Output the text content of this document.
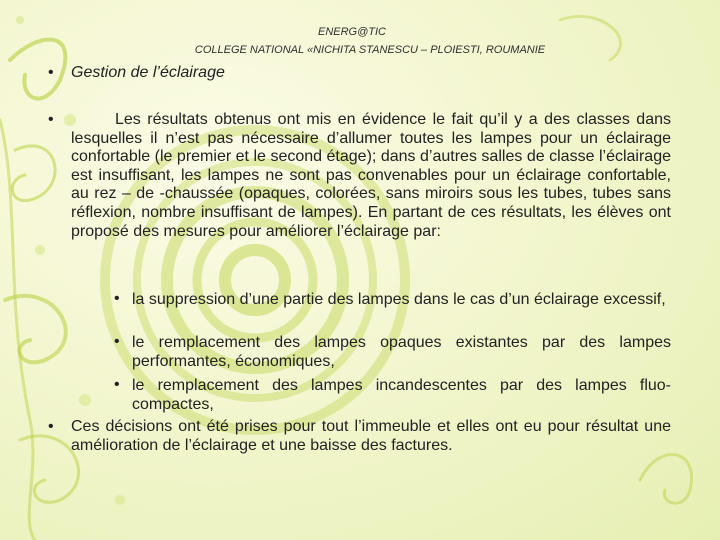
ENERG@TIC
COLLEGE NATIONAL «NICHITA STANESCU – PLOIESTI, ROUMANIE
• Gestion de l’éclairage
•	Les résultats obtenus ont mis en évidence le fait qu’il y a des classes dans lesquelles il n’est pas nécessaire d’allumer toutes les lampes pour un éclairage confortable (le premier et le second étage); dans d’autres salles de classe l’éclairage est insuffisant, les lampes ne sont pas convenables pour un éclairage confortable, au rez – de -chaussée (opaques, colorées, sans miroirs sous les tubes, tubes sans réflexion, nombre insuffisant de lampes). En partant de ces résultats, les élèves ont proposé des mesures pour améliorer l’éclairage par:
• la suppression d’une partie des lampes dans le cas d’un éclairage excessif,
• le remplacement des lampes opaques existantes par des lampes performantes, économiques,
• le remplacement des lampes incandescentes par des lampes fluo-compactes,
• Ces décisions ont été prises pour tout l’immeuble et elles ont eu pour résultat une amélioration de l’éclairage et une baisse des factures.
